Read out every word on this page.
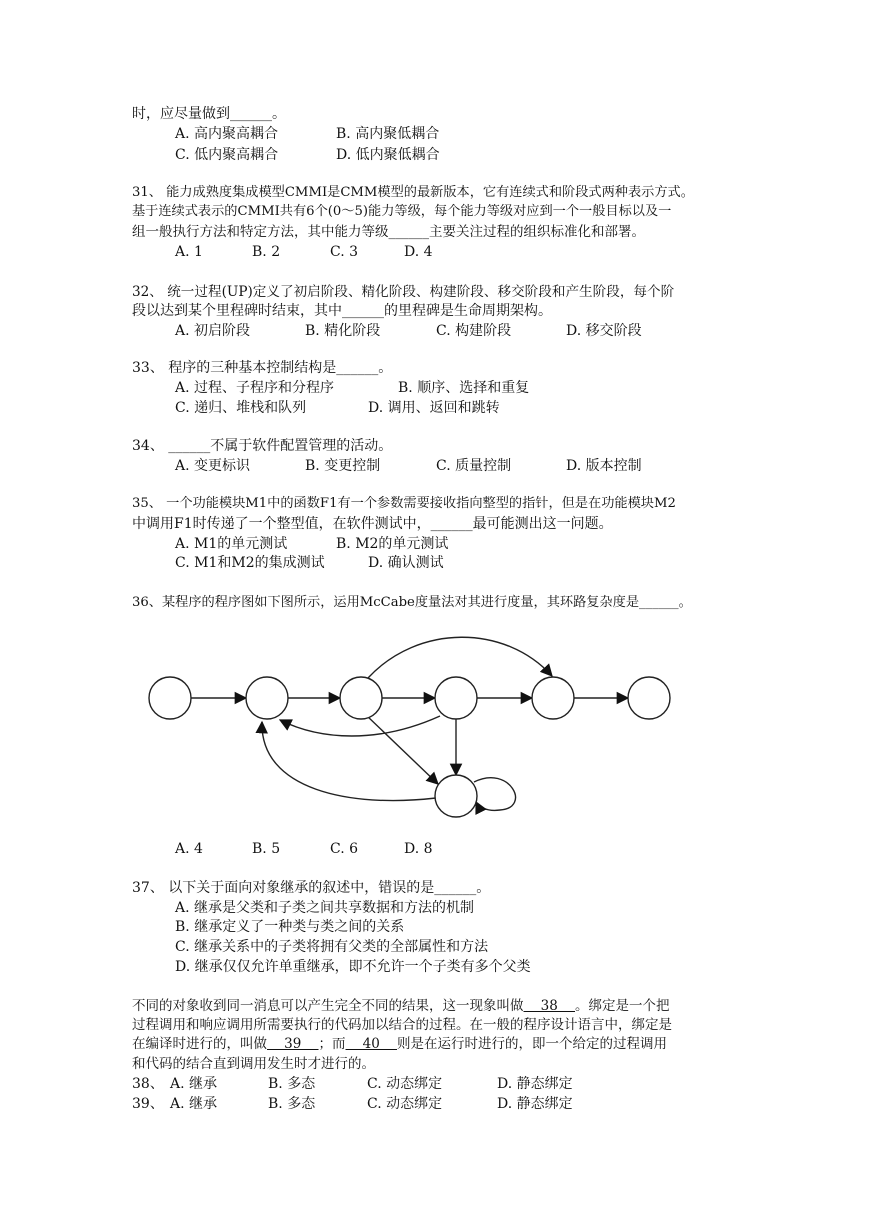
时，应尽量做到______。
A. 高内聚高耦合	B. 高内聚低耦合
C. 低内聚高耦合	D. 低内聚低耦合
31、 能力成熟度集成模型CMMI是CMM模型的最新版本，它有连续式和阶段式两种表示方式。
基于连续式表示的CMMI共有6个(0～5)能力等级，每个能力等级对应到一个一般目标以及一
组一般执行方法和特定方法，其中能力等级______主要关注过程的组织标准化和部署。
A. 1	B. 2	C. 3	D. 4
32、 统一过程(UP)定义了初启阶段、精化阶段、构建阶段、移交阶段和产生阶段，每个阶
段以达到某个里程碑时结束，其中______的里程碑是生命周期架构。
A. 初启阶段	B. 精化阶段	C. 构建阶段	D. 移交阶段
33、 程序的三种基本控制结构是______。
A. 过程、子程序和分程序	B. 顺序、选择和重复
C. 递归、堆栈和队列	D. 调用、返回和跳转
34、 ______不属于软件配置管理的活动。
A. 变更标识	B. 变更控制	C. 质量控制	D. 版本控制
35、 一个功能模块M1中的函数F1有一个参数需要接收指向整型的指针，但是在功能模块M2
中调用F1时传递了一个整型值，在软件测试中，______最可能测出这一问题。
A. M1的单元测试	B. M2的单元测试
C. M1和M2的集成测试	D. 确认测试
36、某程序的程序图如下图所示，运用McCabe度量法对其进行度量，其环路复杂度是______。
A. 4	B. 5	C. 6	D. 8
37、 以下关于面向对象继承的叙述中，错误的是______。
A. 继承是父类和子类之间共享数据和方法的机制
B. 继承定义了一种类与类之间的关系
C. 继承关系中的子类将拥有父类的全部属性和方法
D. 继承仅仅允许单重继承，即不允许一个子类有多个父类
不同的对象收到同一消息可以产生完全不同的结果，这一现象叫做    38    。绑定是一个把
过程调用和响应调用所需要执行的代码加以结合的过程。在一般的程序设计语言中，绑定是
在编译时进行的，叫做    39    ；而    40    则是在运行时进行的，即一个给定的过程调用
和代码的结合直到调用发生时才进行的。
38、 A. 继承	B. 多态	C. 动态绑定	D. 静态绑定
39、 A. 继承	B. 多态	C. 动态绑定	D. 静态绑定
